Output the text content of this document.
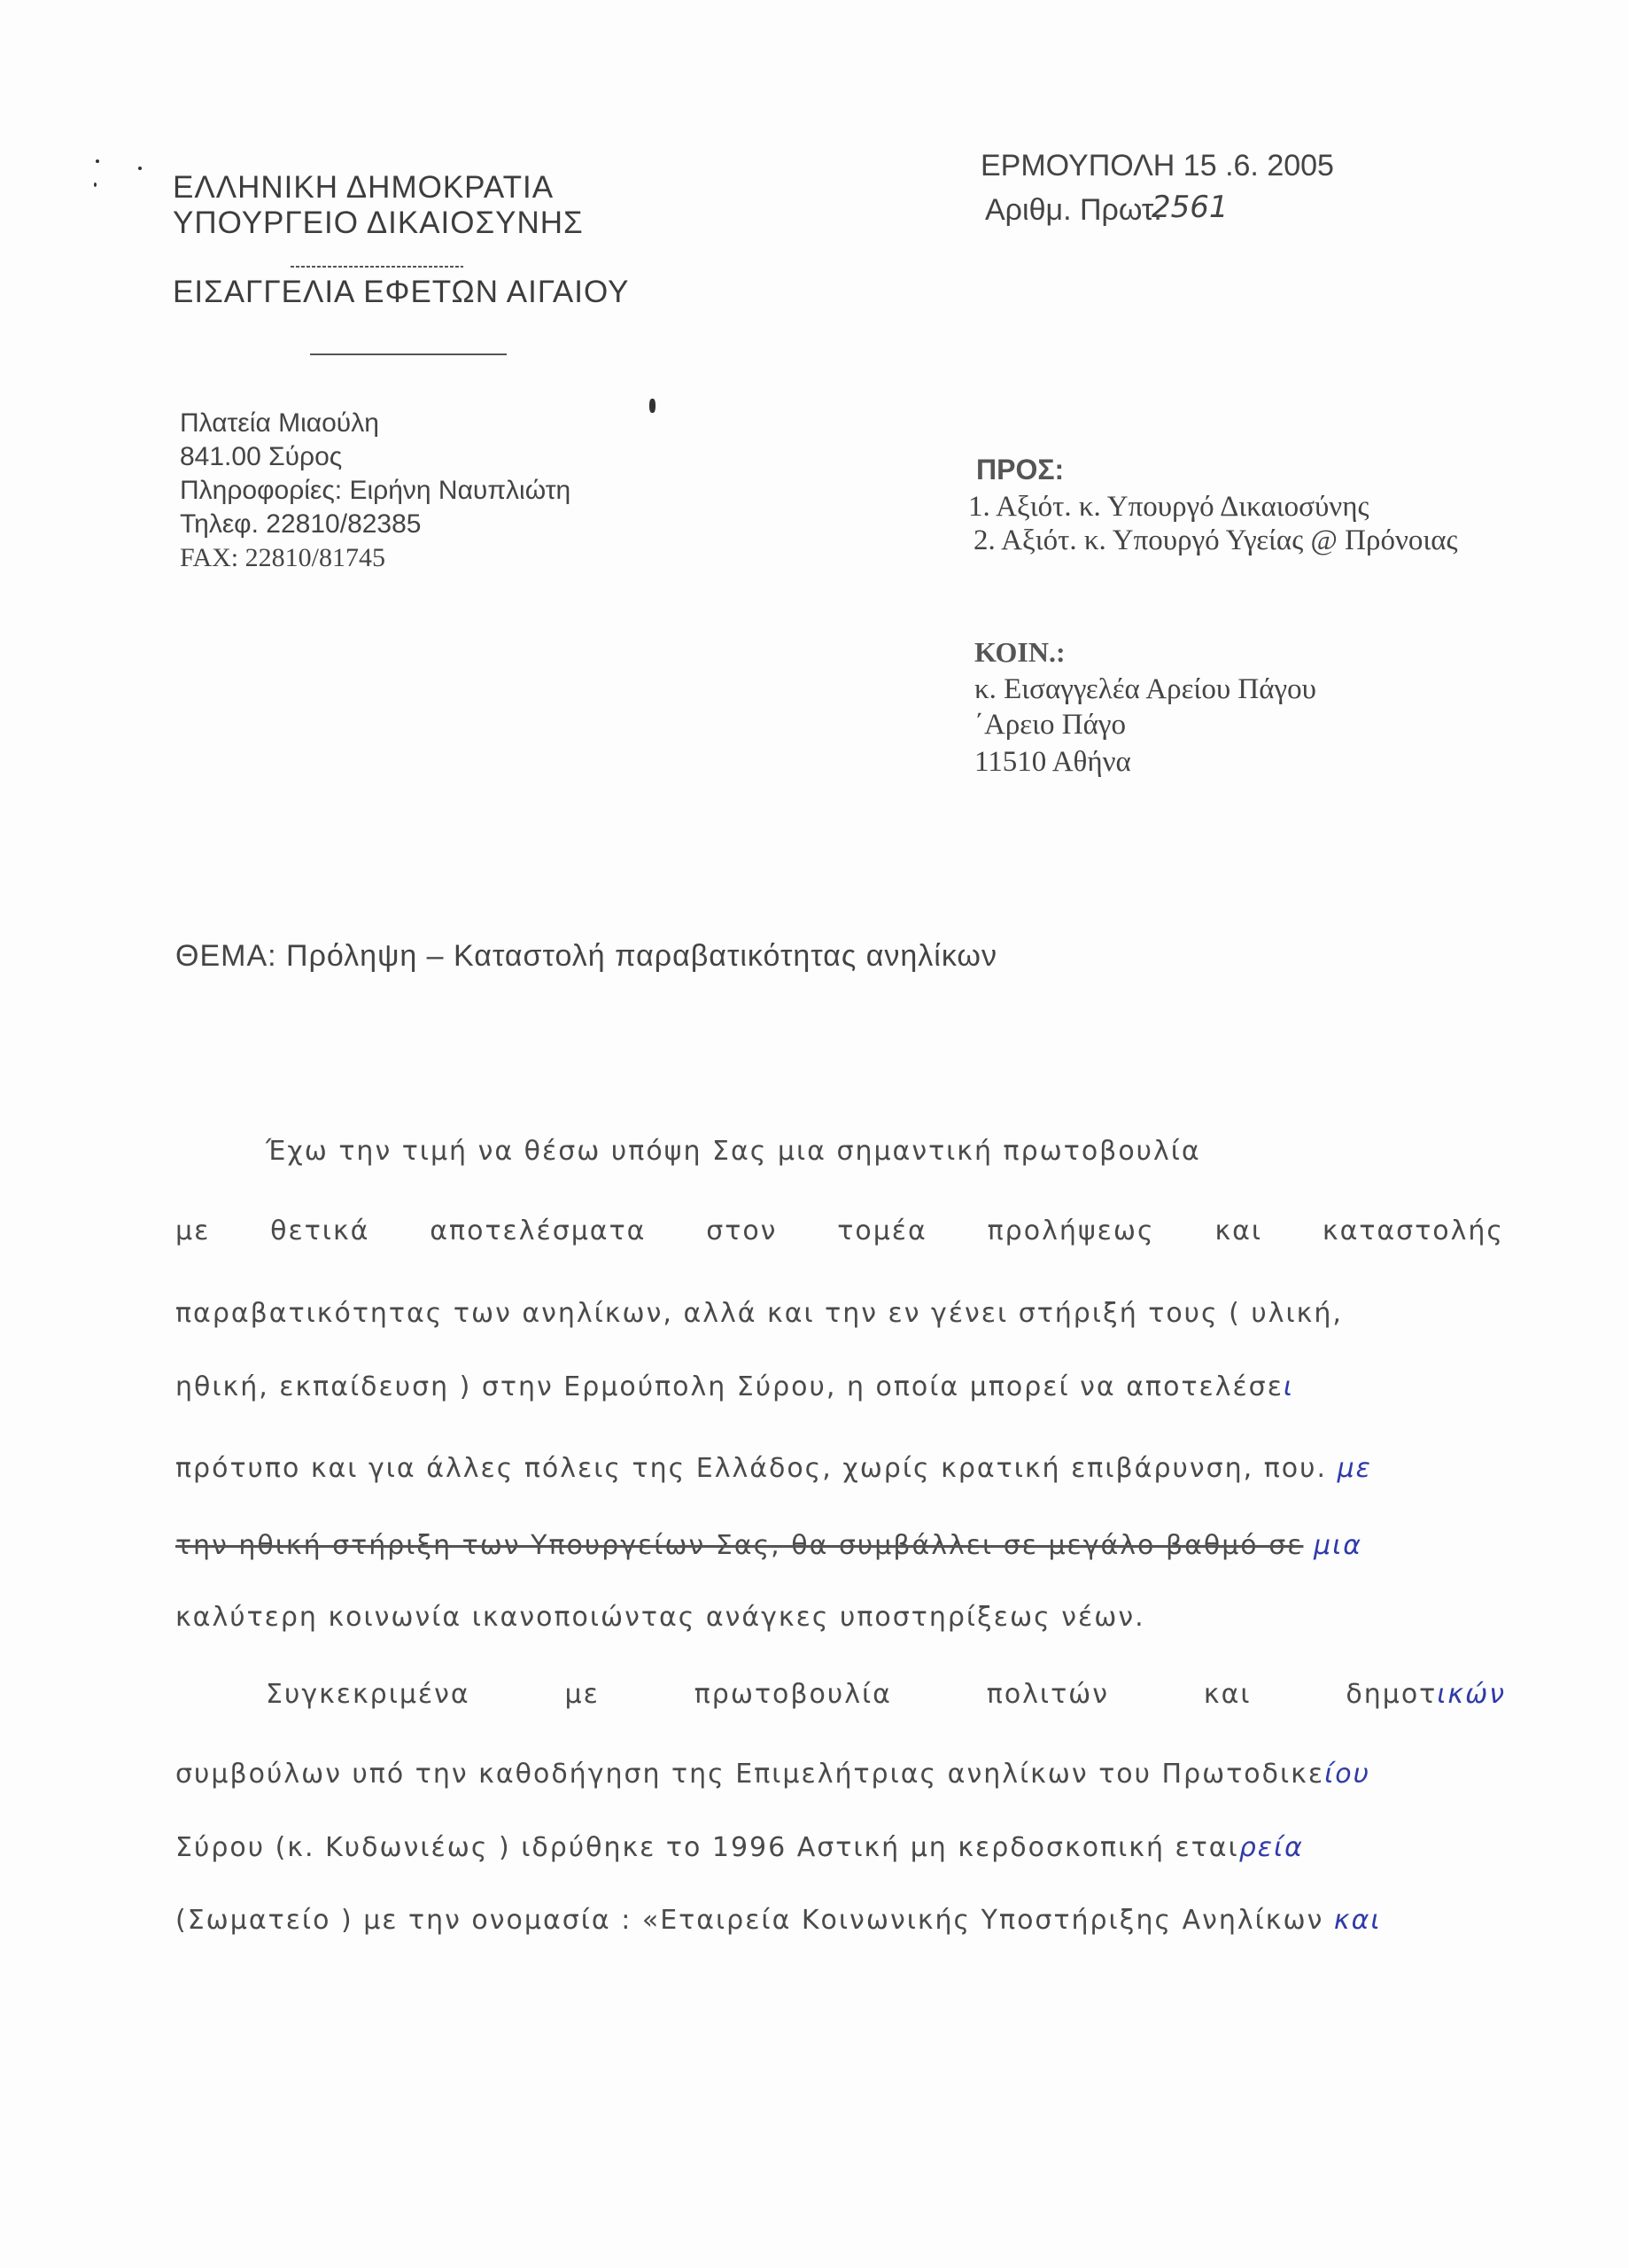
ΕΛΛΗΝΙΚΗ ΔΗΜΟΚΡΑΤΙΑ
ΥΠΟΥΡΓΕΙΟ ΔΙΚΑΙΟΣΥΝΗΣ
ΕΙΣΑΓΓΕΛΙΑ ΕΦΕΤΩΝ ΑΙΓΑΙΟΥ
Πλατεία Μιαούλη
841.00 Σύρος
Πληροφορίες: Ειρήνη Ναυπλιώτη
Τηλεφ. 22810/82385
FAX: 22810/81745
ΕΡΜΟΥΠΟΛΗ 15 .6. 2005
Αριθμ. Πρωτ.
2561
ΠΡΟΣ:
1. Αξιότ. κ. Υπουργό Δικαιοσύνης
2. Αξιότ. κ. Υπουργό Υγείας @ Πρόνοιας
ΚΟΙΝ.:
κ. Εισαγγελέα Αρείου Πάγου
΄Αρειο Πάγο
11510 Αθήνα
ΘΕΜΑ: Πρόληψη – Καταστολή παραβατικότητας ανηλίκων
Έχω την τιμή να θέσω υπόψη Σας μια σημαντική πρωτοβουλία
με θετικά αποτελέσματα στον τομέα προλήψεως και καταστολής
παραβατικότητας των ανηλίκων, αλλά και την εν γένει στήριξή τους ( υλική,
ηθική, εκπαίδευση ) στην Ερμούπολη Σύρου, η οποία μπορεί να αποτελέσει
πρότυπο και για άλλες πόλεις της Ελλάδος, χωρίς κρατική επιβάρυνση, που. με
την ηθική στήριξη των Υπουργείων Σας, θα συμβάλλει σε μεγάλο βαθμό σε μια
καλύτερη κοινωνία ικανοποιώντας ανάγκες υποστηρίξεως νέων.
Συγκεκριμένα	με	πρωτοβουλία	πολιτών	και	δημοτικών
συμβούλων υπό την καθοδήγηση της Επιμελήτριας ανηλίκων του Πρωτοδικείου
Σύρου (κ. Κυδωνιέως ) ιδρύθηκε το 1996 Αστική μη κερδοσκοπική εταιρεία
(Σωματείο ) με την ονομασία : «Εταιρεία Κοινωνικής Υποστήριξης Ανηλίκων και
